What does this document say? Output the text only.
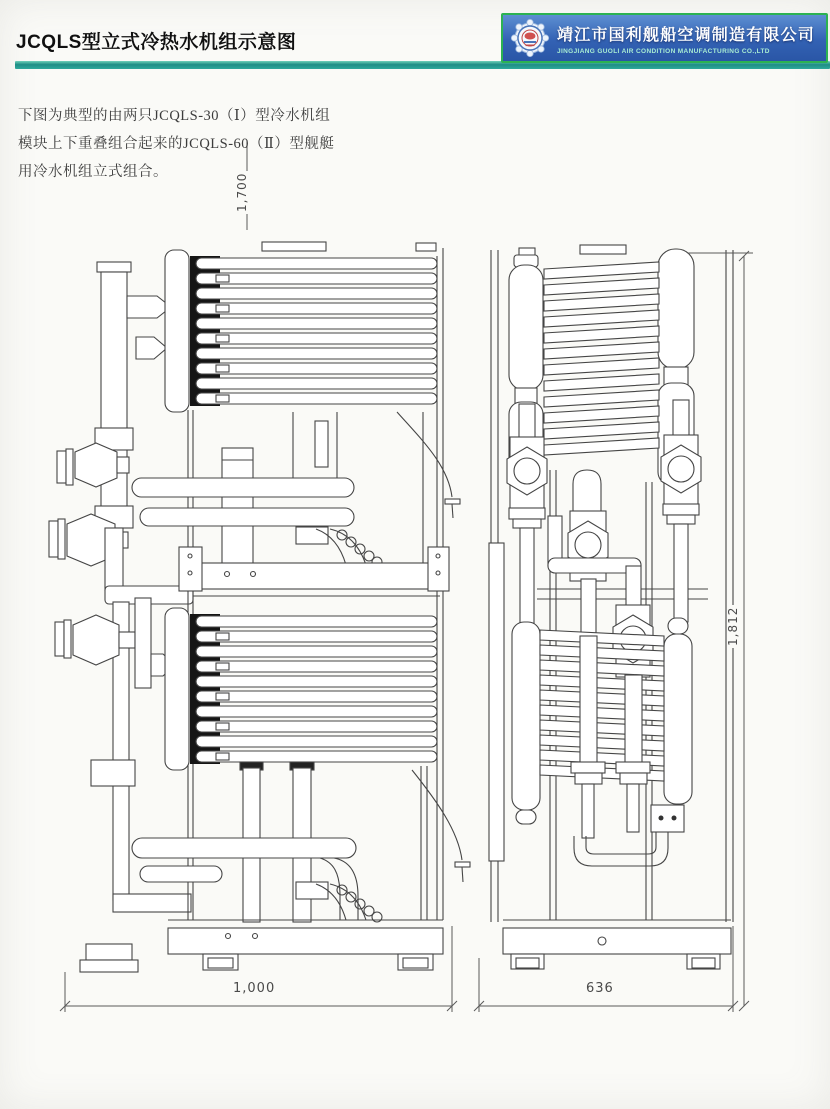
JCQLS型立式冷热水机组示意图	靖江市国利舰船空调制造有限公司
JINGJIANG GUOLI AIR CONDITION MANUFACTURING CO.,LTD

下图为典型的由两只JCQLS-30（Ⅰ）型冷水机组模块上下重叠组合起来的JCQLS-60（Ⅱ）型舰艇用冷水机组立式组合。

1,700
1,812
1,000	636
